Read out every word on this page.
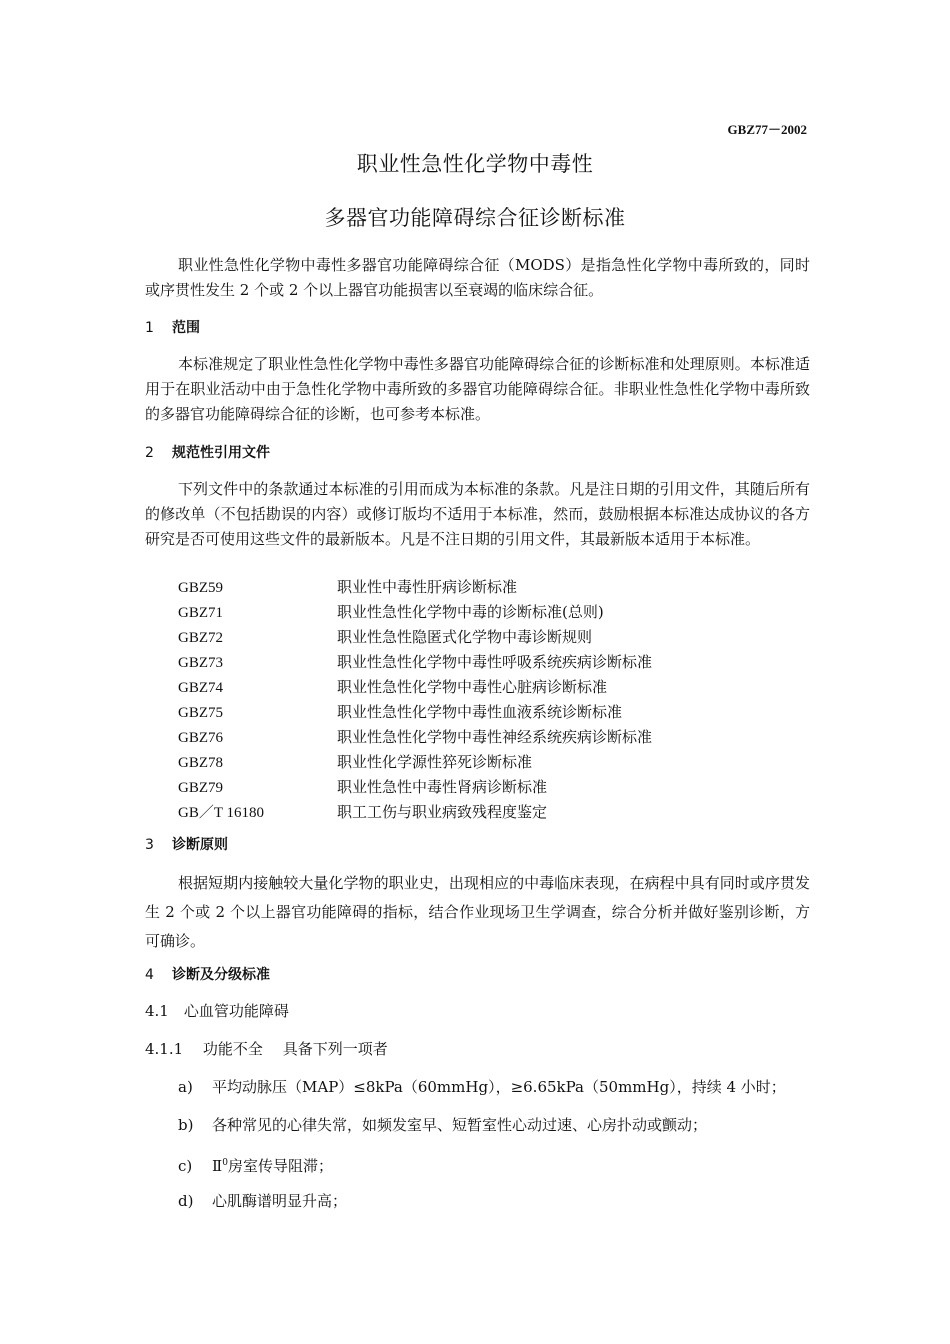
GBZ77－2002
职业性急性化学物中毒性
多器官功能障碍综合征诊断标准
职业性急性化学物中毒性多器官功能障碍综合征（MODS）是指急性化学物中毒所致的，同时或序贯性发生 2 个或 2 个以上器官功能损害以至衰竭的临床综合征。
1 范围
本标准规定了职业性急性化学物中毒性多器官功能障碍综合征的诊断标准和处理原则。本标准适用于在职业活动中由于急性化学物中毒所致的多器官功能障碍综合征。非职业性急性化学物中毒所致的多器官功能障碍综合征的诊断，也可参考本标准。
2 规范性引用文件
下列文件中的条款通过本标准的引用而成为本标准的条款。凡是注日期的引用文件，其随后所有的修改单（不包括勘误的内容）或修订版均不适用于本标准，然而，鼓励根据本标准达成协议的各方研究是否可使用这些文件的最新版本。凡是不注日期的引用文件，其最新版本适用于本标准。
GBZ59	职业性中毒性肝病诊断标准
GBZ71	职业性急性化学物中毒的诊断标准(总则)
GBZ72	职业性急性隐匿式化学物中毒诊断规则
GBZ73	职业性急性化学物中毒性呼吸系统疾病诊断标准
GBZ74	职业性急性化学物中毒性心脏病诊断标准
GBZ75	职业性急性化学物中毒性血液系统诊断标准
GBZ76	职业性急性化学物中毒性神经系统疾病诊断标准
GBZ78	职业性化学源性猝死诊断标准
GBZ79	职业性急性中毒性肾病诊断标准
GB／T 16180	职工工伤与职业病致残程度鉴定
3 诊断原则
根据短期内接触较大量化学物的职业史，出现相应的中毒临床表现，在病程中具有同时或序贯发生 2 个或 2 个以上器官功能障碍的指标，结合作业现场卫生学调查，综合分析并做好鉴别诊断，方可确诊。
4 诊断及分级标准
4.1　心血管功能障碍
4.1.1　 功能不全　 具备下列一项者
a) 平均动脉压（MAP）≤8kPa（60mmHg），≥6.65kPa（50mmHg），持续 4 小时；
b) 各种常见的心律失常，如频发室早、短暂室性心动过速、心房扑动或颤动；
c) Ⅱ$^0$房室传导阻滞；
d) 心肌酶谱明显升高；
